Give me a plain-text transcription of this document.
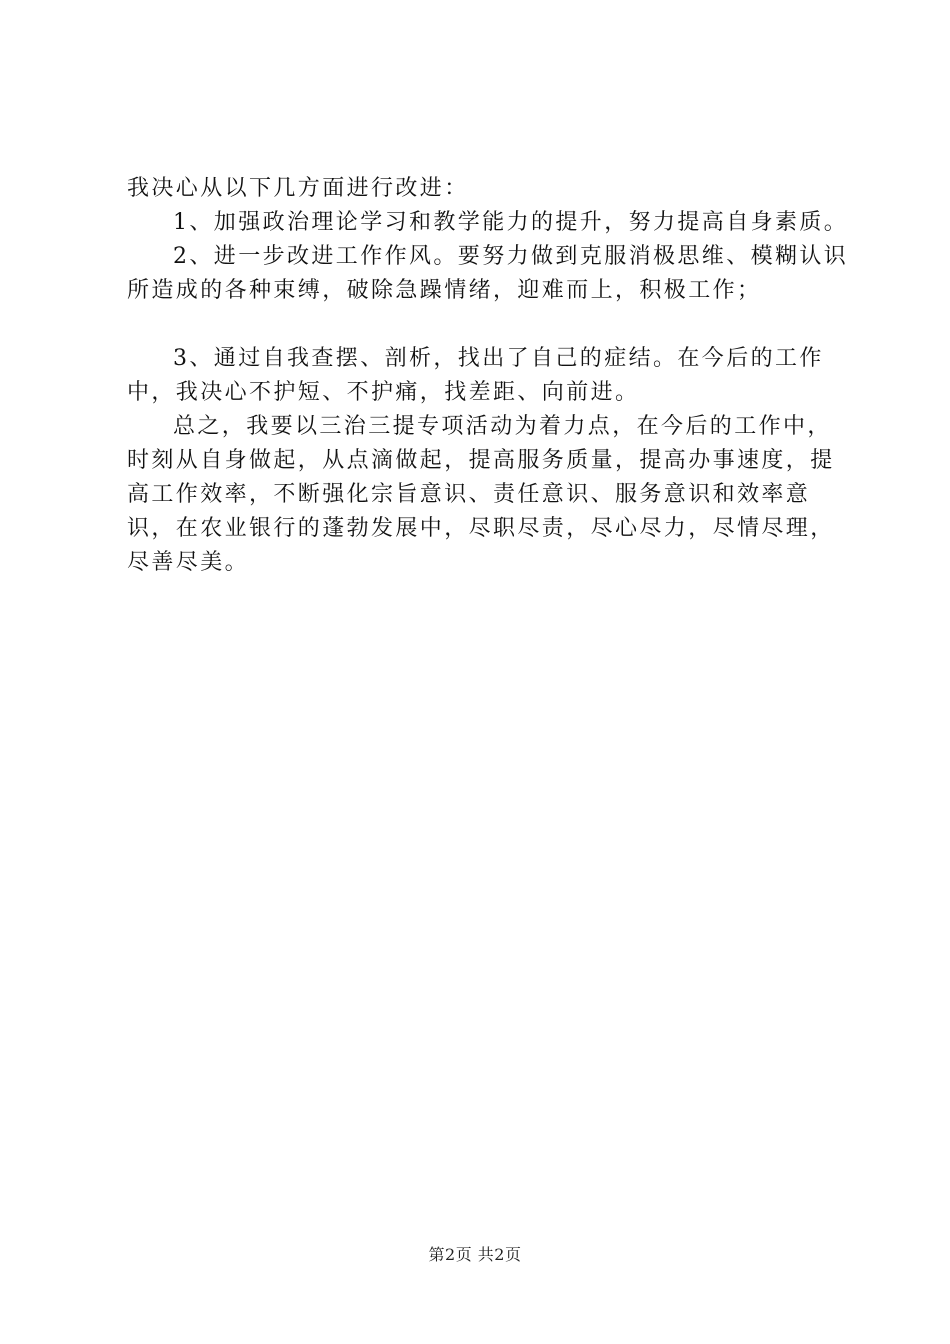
我决心从以下几方面进行改进：

1、加强政治理论学习和教学能力的提升，努力提高自身素质。

2、进一步改进工作作风。要努力做到克服消极思维、模糊认识所造成的各种束缚，破除急躁情绪，迎难而上，积极工作；

3、通过自我查摆、剖析，找出了自己的症结。在今后的工作中，我决心不护短、不护痛，找差距、向前进。

总之，我要以三治三提专项活动为着力点，在今后的工作中，时刻从自身做起，从点滴做起，提高服务质量，提高办事速度，提高工作效率，不断强化宗旨意识、责任意识、服务意识和效率意识，在农业银行的蓬勃发展中，尽职尽责，尽心尽力，尽情尽理，尽善尽美。

第2页 共2页
